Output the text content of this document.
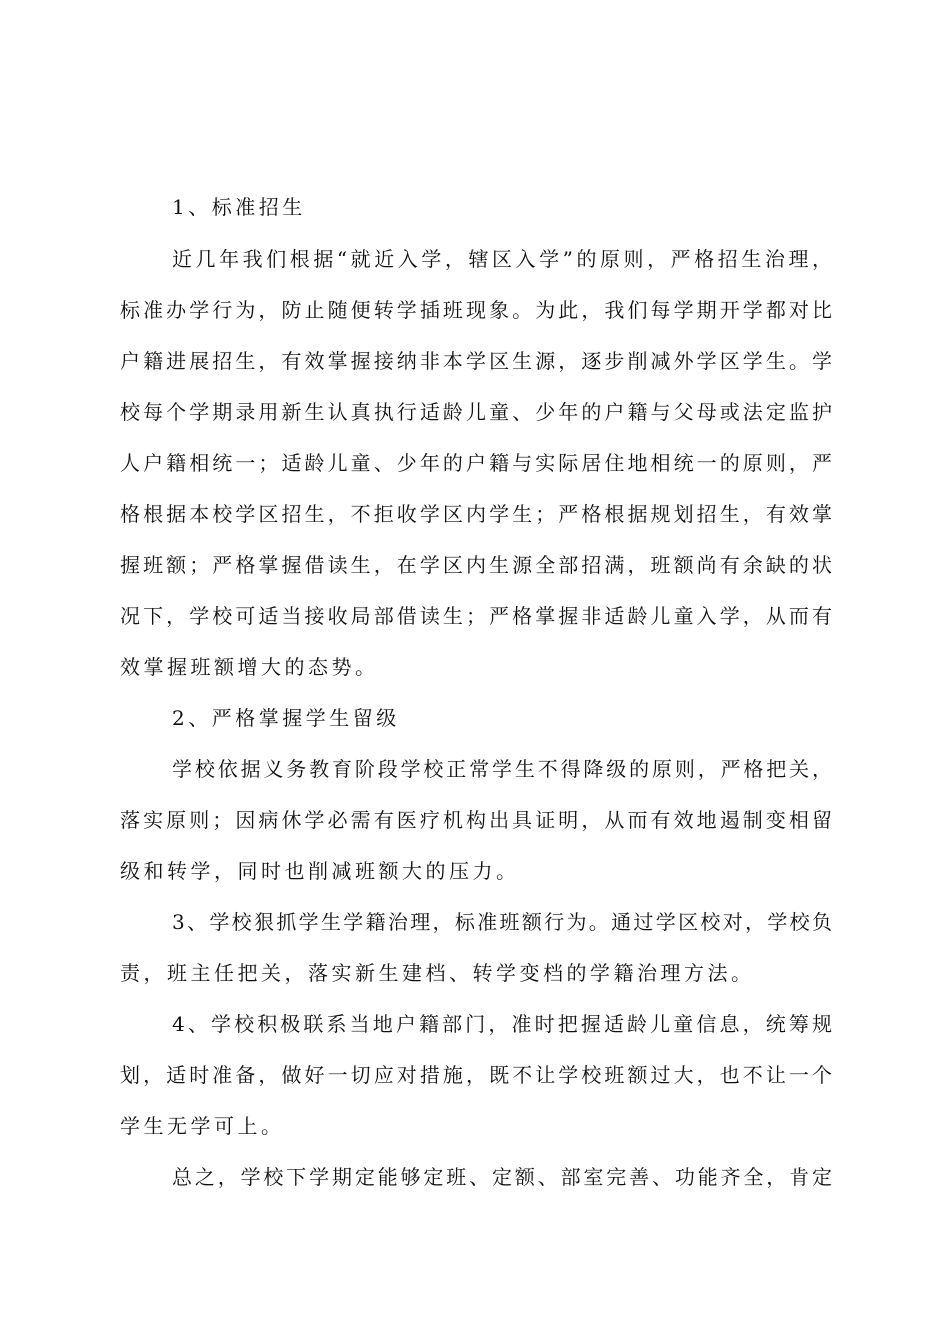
1、标准招生
近几年我们根据“就近入学，辖区入学”的原则，严格招生治理，
标准办学行为，防止随便转学插班现象。为此，我们每学期开学都对比
户籍进展招生，有效掌握接纳非本学区生源，逐步削减外学区学生。学
校每个学期录用新生认真执行适龄儿童、少年的户籍与父母或法定监护
人户籍相统一；适龄儿童、少年的户籍与实际居住地相统一的原则，严
格根据本校学区招生，不拒收学区内学生；严格根据规划招生，有效掌
握班额；严格掌握借读生，在学区内生源全部招满，班额尚有余缺的状
况下，学校可适当接收局部借读生；严格掌握非适龄儿童入学，从而有
效掌握班额增大的态势。
2、严格掌握学生留级
学校依据义务教育阶段学校正常学生不得降级的原则，严格把关，
落实原则；因病休学必需有医疗机构出具证明，从而有效地遏制变相留
级和转学，同时也削减班额大的压力。
3、学校狠抓学生学籍治理，标准班额行为。通过学区校对，学校负
责，班主任把关，落实新生建档、转学变档的学籍治理方法。
4、学校积极联系当地户籍部门，准时把握适龄儿童信息，统筹规
划，适时准备，做好一切应对措施，既不让学校班额过大，也不让一个
学生无学可上。
总之，学校下学期定能够定班、定额、部室完善、功能齐全，肯定
